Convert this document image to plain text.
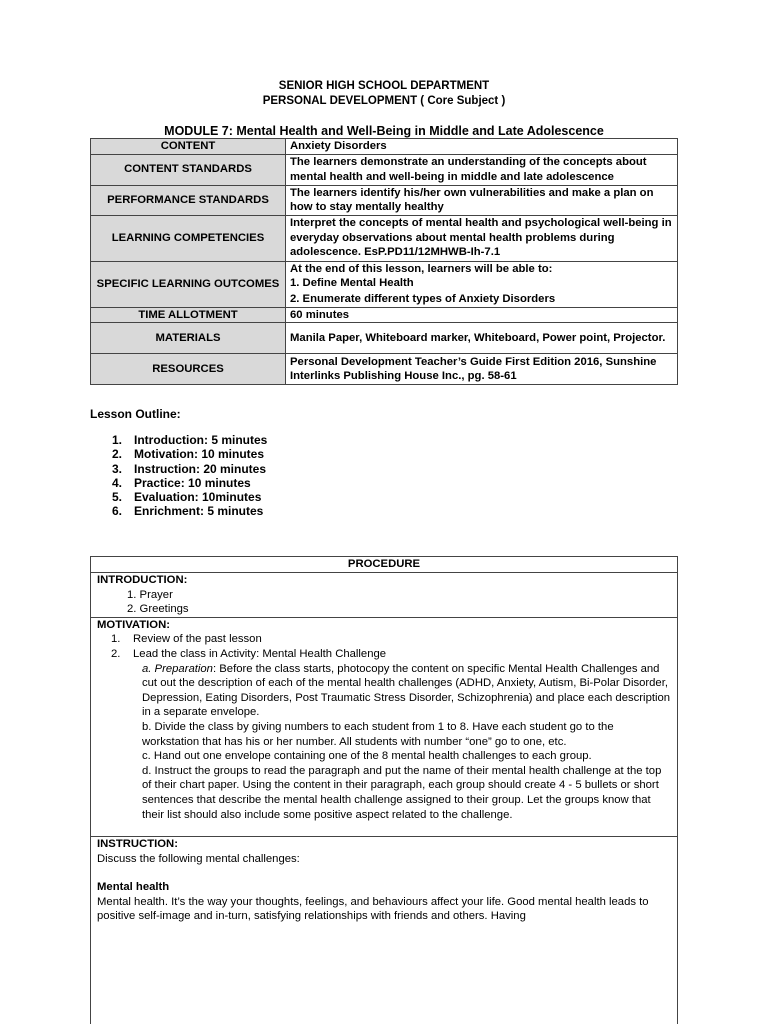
SENIOR HIGH SCHOOL DEPARTMENT
PERSONAL DEVELOPMENT ( Core Subject )
MODULE 7: Mental Health and Well-Being in Middle and Late Adolescence
CONTENT	Anxiety Disorders
CONTENT STANDARDS	The learners demonstrate an understanding of the concepts about mental health and well-being in middle and late adolescence
PERFORMANCE STANDARDS	The learners identify his/her own vulnerabilities and make a plan on how to stay mentally healthy
LEARNING COMPETENCIES	Interpret the concepts of mental health and psychological well-being in everyday observations about mental health problems during adolescence. EsP.PD11/12MHWB-Ih-7.1
SPECIFIC LEARNING OUTCOMES	At the end of this lesson, learners will be able to:
1. Define Mental Health
2. Enumerate different types of Anxiety Disorders

TIME ALLOTMENT	60 minutes
MATERIALS	Manila Paper, Whiteboard marker, Whiteboard, Power point, Projector.
RESOURCES	Personal Development Teacher’s Guide First Edition 2016, Sunshine Interlinks Publishing House Inc., pg. 58-61
Lesson Outline:
1. Introduction: 5 minutes
2. Motivation: 10 minutes
3. Instruction: 20 minutes
4. Practice: 10 minutes
5. Evaluation: 10minutes
6. Enrichment: 5 minutes
PROCEDURE
INTRODUCTION:
1. Prayer
2. Greetings
MOTIVATION:
1. Review of the past lesson
2. Lead the class in Activity: Mental Health Challenge
a. Preparation: Before the class starts, photocopy the content on specific Mental Health Challenges and cut out the description of each of the mental health challenges (ADHD, Anxiety, Autism, Bi-Polar Disorder, Depression, Eating Disorders, Post Traumatic Stress Disorder, Schizophrenia) and place each description in a separate envelope.
b. Divide the class by giving numbers to each student from 1 to 8. Have each student go to the workstation that has his or her number. All students with number “one” go to one, etc.
c. Hand out one envelope containing one of the 8 mental health challenges to each group.
d. Instruct the groups to read the paragraph and put the name of their mental health challenge at the top of their chart paper. Using the content in their paragraph, each group should create 4 - 5 bullets or short sentences that describe the mental health challenge assigned to their group. Let the groups know that their list should also include some positive aspect related to the challenge.
INSTRUCTION:
Discuss the following mental challenges:
Mental health
Mental health. It’s the way your thoughts, feelings, and behaviours affect your life. Good mental health leads to positive self-image and in-turn, satisfying relationships with friends and others. Having
